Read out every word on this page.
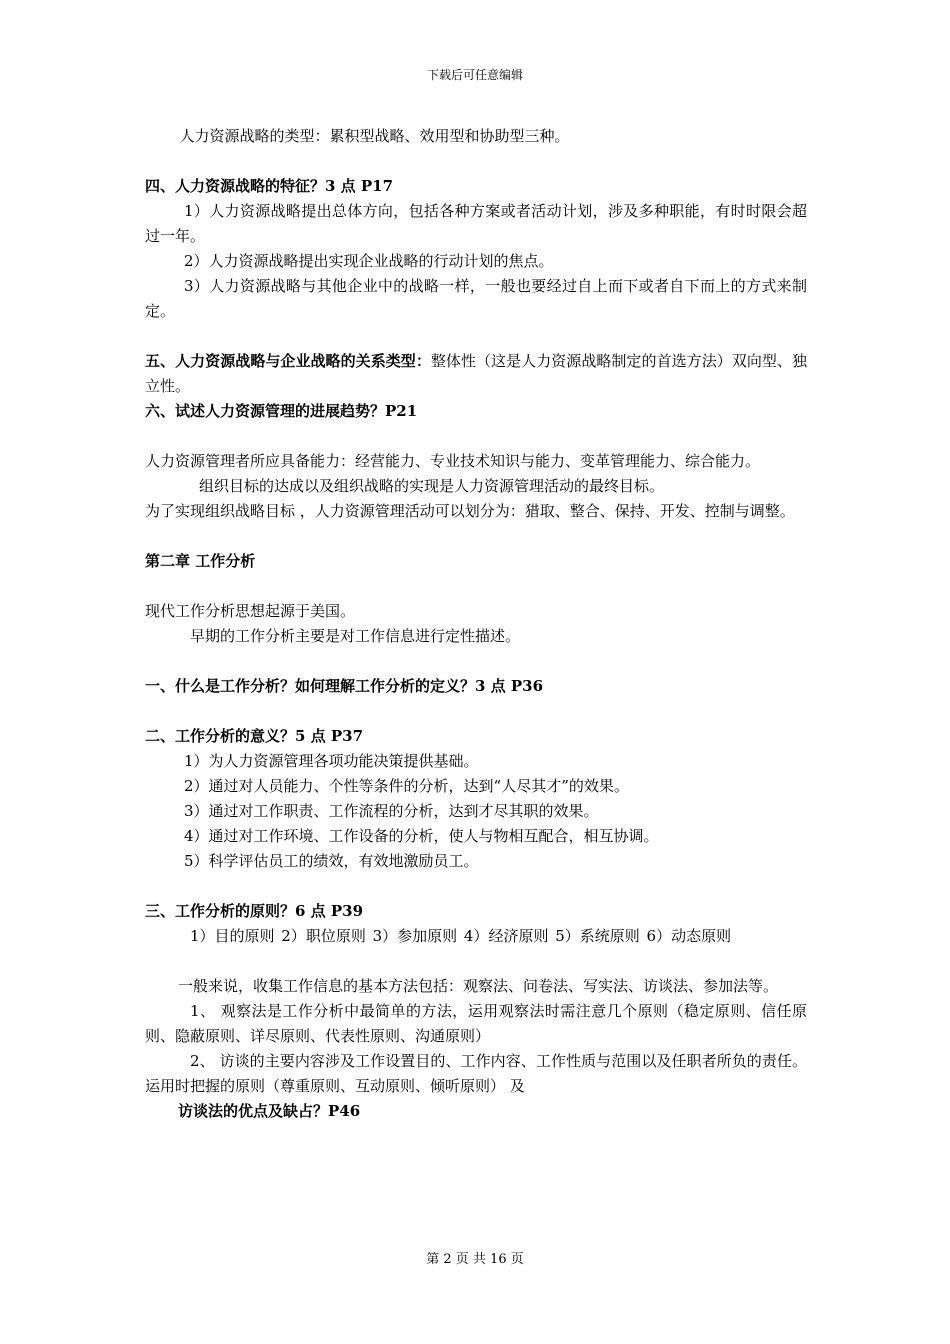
下载后可任意编辑

人力资源战略的类型：累积型战略、效用型和协助型三种。

四、人力资源战略的特征？3 点 P17

1）人力资源战略提出总体方向，包括各种方案或者活动计划，涉及多种职能，有时时限会超过一年。

2）人力资源战略提出实现企业战略的行动计划的焦点。

3）人力资源战略与其他企业中的战略一样，一般也要经过自上而下或者自下而上的方式来制定。

五、人力资源战略与企业战略的关系类型：整体性（这是人力资源战略制定的首选方法）双向型、独立性。

六、试述人力资源管理的进展趋势？P21

人力资源管理者所应具备能力：经营能力、专业技术知识与能力、变革管理能力、综合能力。

组织目标的达成以及组织战略的实现是人力资源管理活动的最终目标。

为了实现组织战略目标 ，人力资源管理活动可以划分为：猎取、整合、保持、开发、控制与调整。

第二章 工作分析

现代工作分析思想起源于美国。

早期的工作分析主要是对工作信息进行定性描述。

一、什么是工作分析？如何理解工作分析的定义？3 点 P36

二、工作分析的意义？5 点 P37

1）为人力资源管理各项功能决策提供基础。

2）通过对人员能力、个性等条件的分析，达到“人尽其才”的效果。

3）通过对工作职责、工作流程的分析，达到才尽其职的效果。

4）通过对工作环境、工作设备的分析，使人与物相互配合，相互协调。

5）科学评估员工的绩效，有效地激励员工。

三、工作分析的原则？6 点 P39

1）目的原则 2）职位原则 3）参加原则 4）经济原则 5）系统原则 6）动态原则

一般来说，收集工作信息的基本方法包括：观察法、问卷法、写实法、访谈法、参加法等。

1、 观察法是工作分析中最简单的方法，运用观察法时需注意几个原则（稳定原则、信任原则、隐蔽原则、详尽原则、代表性原则、沟通原则）

2、 访谈的主要内容涉及工作设置目的、工作内容、工作性质与范围以及任职者所负的责任。 运用时把握的原则（尊重原则、互动原则、倾听原则） 及

访谈法的优点及缺占？P46

第 2 页 共 16 页
